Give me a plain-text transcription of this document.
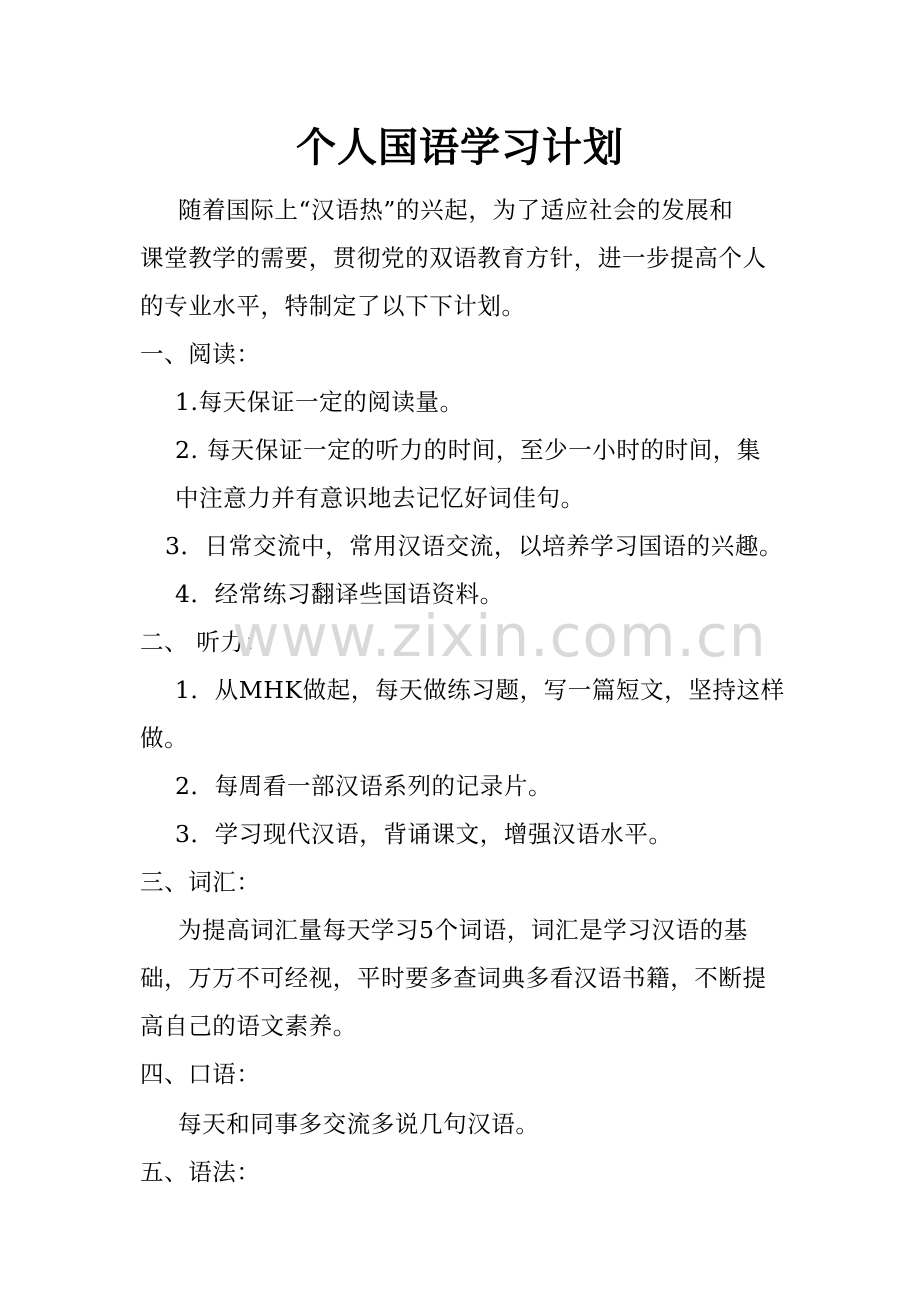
个人国语学习计划
随着国际上“汉语热”的兴起，为了适应社会的发展和
课堂教学的需要，贯彻党的双语教育方针，进一步提高个人
的专业水平，特制定了以下下计划。
一、阅读：
1.每天保证一定的阅读量。
2. 每天保证一定的听力的时间，至少一小时的时间，集
中注意力并有意识地去记忆好词佳句。
3．日常交流中，常用汉语交流，以培养学习国语的兴趣。
4．经常练习翻译些国语资料。
二、 听力：
1．从MHK做起，每天做练习题，写一篇短文，坚持这样
做。
2．每周看一部汉语系列的记录片。
3．学习现代汉语，背诵课文，增强汉语水平。
三、词汇：
为提高词汇量每天学习5个词语，词汇是学习汉语的基
础，万万不可经视，平时要多查词典多看汉语书籍，不断提
高自己的语文素养。
四、口语：
每天和同事多交流多说几句汉语。
五、语法：
www.zixin.com.cn
